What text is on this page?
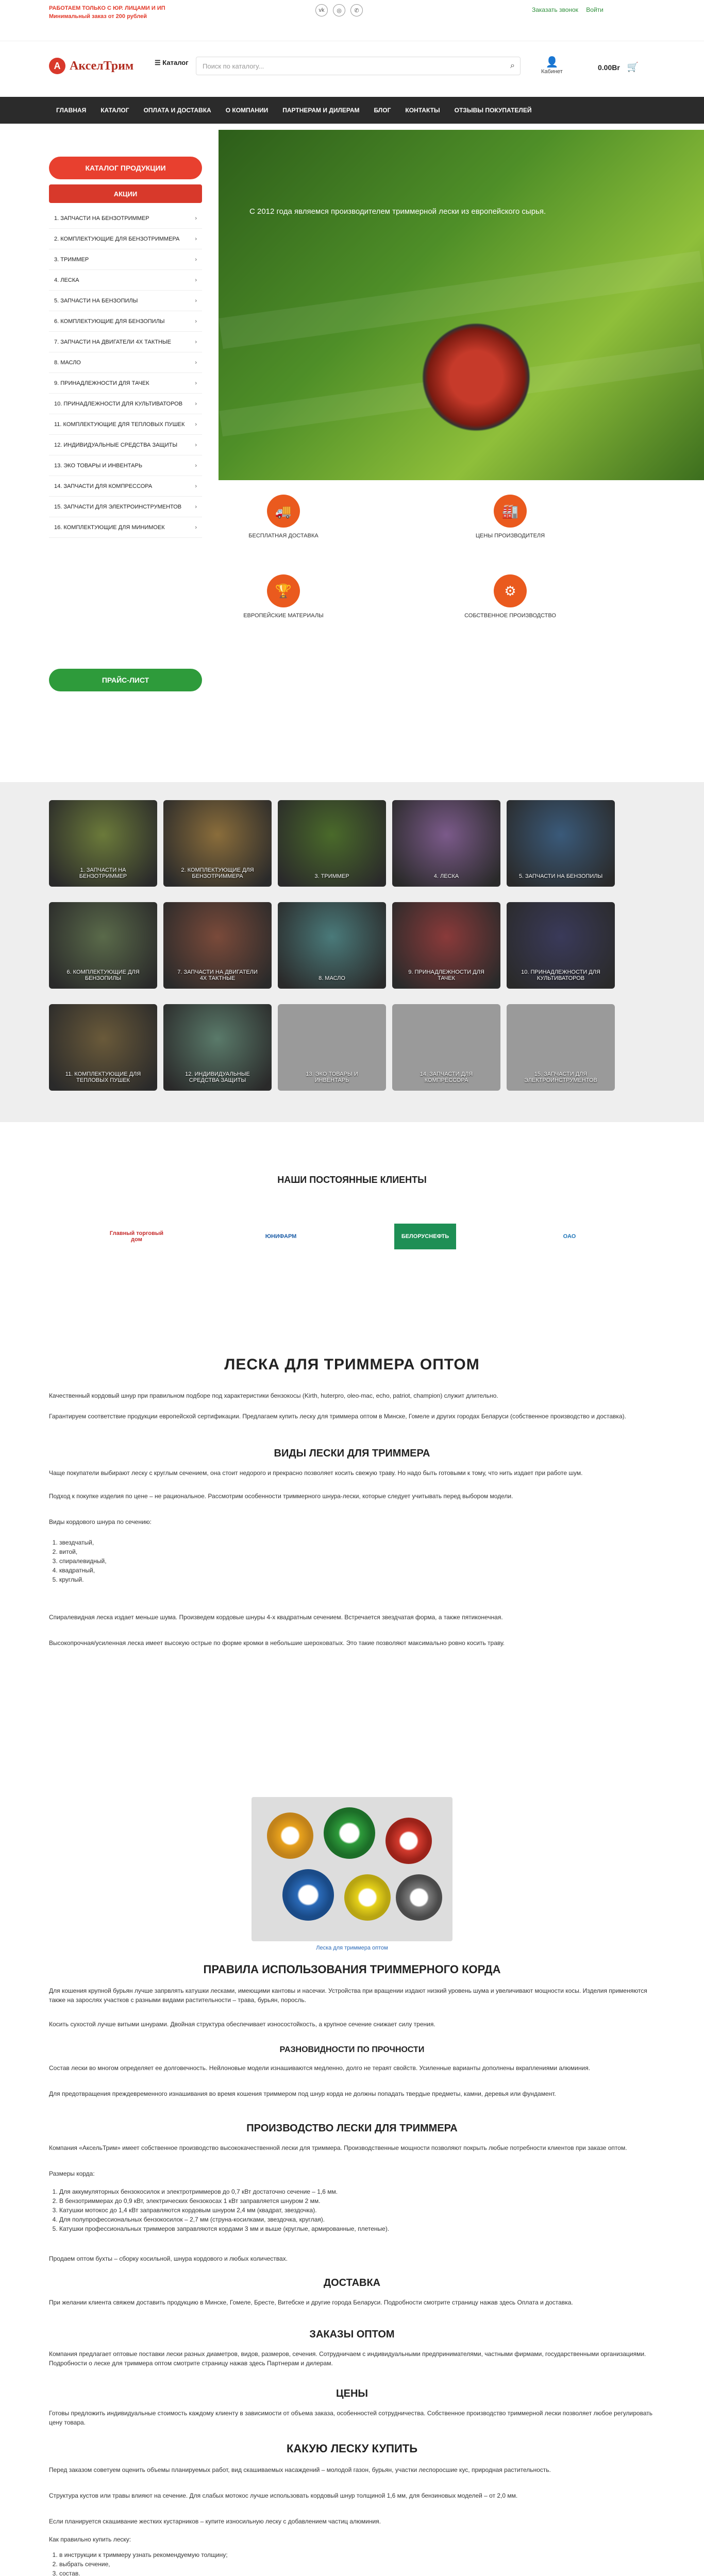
РАБОТАЕМ ТОЛЬКО С ЮР. ЛИЦАМИ И ИП
Минимальный заказ от 200 рублей
vk	◎	✆	Заказать звонок Войти
А АкселТрим	☰ Каталог Поиск по каталогу...	⌕	👤
Кабинет	0.00Br 🛒
ГЛАВНАЯ	КАТАЛОГ	ОПЛАТА И ДОСТАВКА	О КОМПАНИИ	ПАРТНЕРАМ И ДИЛЕРАМ	БЛОГ	КОНТАКТЫ	ОТЗЫВЫ ПОКУПАТЕЛЕЙ
КАТАЛОГ ПРОДУКЦИИ
АКЦИИ
1. ЗАПЧАСТИ НА БЕНЗОТРИММЕР	›
2. КОМПЛЕКТУЮЩИЕ ДЛЯ БЕНЗОТРИММЕРА	›
3. ТРИММЕР	›
4. ЛЕСКА	›
5. ЗАПЧАСТИ НА БЕНЗОПИЛЫ	›
6. КОМПЛЕКТУЮЩИЕ ДЛЯ БЕНЗОПИЛЫ	›
7. ЗАПЧАСТИ НА ДВИГАТЕЛИ 4Х ТАКТНЫЕ	›
8. МАСЛО	›
9. ПРИНАДЛЕЖНОСТИ ДЛЯ ТАЧЕК	›
10. ПРИНАДЛЕЖНОСТИ ДЛЯ КУЛЬТИВАТОРОВ ›
11. КОМПЛЕКТУЮЩИЕ ДЛЯ ТЕПЛОВЫХ ПУШЕК ›
12. ИНДИВИДУАЛЬНЫЕ СРЕДСТВА ЗАЩИТЫ	›
13. ЭКО ТОВАРЫ И ИНВЕНТАРЬ	›
14. ЗАПЧАСТИ ДЛЯ КОМПРЕССОРА	›
15. ЗАПЧАСТИ ДЛЯ ЭЛЕКТРОИНСТРУМЕНТОВ ›
16. КОМПЛЕКТУЮЩИЕ ДЛЯ МИНИМОЕК	›
ПРАЙС-ЛИСТ
С 2012 года являемся производителем триммерной лески из европейского сырья.
🚚
БЕСПЛАТНАЯ ДОСТАВКА
🏭
ЦЕНЫ ПРОИЗВОДИТЕЛЯ
🏆
ЕВРОПЕЙСКИЕ МАТЕРИАЛЫ
⚙
СОБСТВЕННОЕ ПРОИЗВОДСТВО
1. ЗАПЧАСТИ НА БЕНЗОТРИММЕР
2. КОМПЛЕКТУЮЩИЕ ДЛЯ БЕНЗОТРИММЕРА	3. ТРИММЕР	4. ЛЕСКА	5. ЗАПЧАСТИ НА БЕНЗОПИЛЫ
6. КОМПЛЕКТУЮЩИЕ ДЛЯ БЕНЗОПИЛЫ
7. ЗАПЧАСТИ НА ДВИГАТЕЛИ 4Х ТАКТНЫЕ	8. МАСЛО
9. ПРИНАДЛЕЖНОСТИ ДЛЯ ТАЧЕК
10. ПРИНАДЛЕЖНОСТИ ДЛЯ КУЛЬТИВАТОРОВ
11. КОМПЛЕКТУЮЩИЕ ДЛЯ ТЕПЛОВЫХ ПУШЕК
12. ИНДИВИДУАЛЬНЫЕ СРЕДСТВА ЗАЩИТЫ
13. ЭКО ТОВАРЫ И ИНВЕНТАРЬ
14. ЗАПЧАСТИ ДЛЯ КОМПРЕССОРА
15. ЗАПЧАСТИ ДЛЯ ЭЛЕКТРОИНСТРУМЕНТОВ
НАШИ ПОСТОЯННЫЕ КЛИЕНТЫ
Главный торговый дом	ЮНИФАРМ	БЕЛОРУСНЕФТЬ	ОАО
ЛЕСКА ДЛЯ ТРИММЕРА ОПТОМ
Качественный кордовый шнур при правильном подборе под характеристики бензокосы (Kirth, huterpro, oleo-mac, echo, patriot, champion) служит длительно.
Гарантируем соответствие продукции европейской сертификации. Предлагаем купить леску для триммера оптом в Минске, Гомеле и других городах Беларуси (собственное производство и доставка).
ВИДЫ ЛЕСКИ ДЛЯ ТРИММЕРА
Чаще покупатели выбирают леску с круглым сечением, она стоит недорого и прекрасно позволяет косить свежую траву. Но надо быть готовыми к тому, что нить издает при работе шум.
Подход к покупке изделия по цене – не рациональное. Рассмотрим особенности триммерного шнура-лески, которые следует учитывать перед выбором модели.
Виды кордового шнура по сечению:
1. звездчатый,
2. витой,
3. спиралевидный,
4. квадратный,
5. круглый.
Спиралевидная леска издает меньше шума. Произведем кордовые шнуры 4-х квадратным сечением. Встречается звездчатая форма, а также пятиконечная.
Высокопрочная/усиленная леска имеет высокую острые по форме кромки в небольшие шероховатых. Это такие позволяют максимально ровно косить траву.
Леска для триммера оптом
ПРАВИЛА ИСПОЛЬЗОВАНИЯ ТРИММЕРНОГО КОРДА
Для кошения крупной бурьян лучше запрвлять катушки лесками, имеющими кантовы и насечки. Устройства при вращении издают низкий уровень шума и увеличивают мощности косы. Изделия применяются также на зарослях участков с разными видами растительности – трава, бурьян, поросль.
Косить сухостой лучше витыми шнурами. Двойная структура обеспечивает износостойкость, а крупное сечение снижает силу трения.
РАЗНОВИДНОСТИ ПО ПРОЧНОСТИ
Состав лески во многом определяет ее долговечность. Нейлоновые модели изнашиваются медленно, долго не тераят свойств. Усиленные варианты дополнены вкраплениями алюминия.
Для предотвращения преждевременного изнашивания во время кошения триммером под шнур корда не должны попадать твердые предметы, камни, деревья или фундамент.
ПРОИЗВОДСТВО ЛЕСКИ ДЛЯ ТРИММЕРА
Компания «АксельТрим» имеет собственное производство высококачественной лески для триммера. Производственные мощности позволяют покрыть любые потребности клиентов при заказе оптом.
Размеры корда:
1. Для аккумуляторных бензокосилок и электротриммеров до 0,7 кВт достаточно сечение – 1,6 мм.
2. В бензотриммерах до 0,9 кВт, электрических бензокосах 1 кВт заправляется шнуром 2 мм.
3. Катушки мотокос до 1,4 кВт заправляются кордовым шнуром 2,4 мм (квадрат, звездочка).
4. Для полупрофессиональных бензокосилок – 2,7 мм (струна-косилками, звездочка, круглая).
5. Катушки профессиональных триммеров заправляются кордами 3 мм и выше (круглые, армированные, плетеные).
Продаем оптом бухты – сборку косильной, шнура кордового и любых количествах.
ДОСТАВКА
При желании клиента свяжем доставить продукцию в Минске, Гомеле, Бресте, Витебске и другие города Беларуси. Подробности смотрите страницу нажав здесь Оплата и доставка.
ЗАКАЗЫ ОПТОМ
Компания предлагает оптовые поставки лески разных диаметров, видов, размеров, сечения. Сотрудничаем с индивидуальными предпринимателями, частными фирмами, государственными организациями. Подробности о леске для триммера оптом смотрите страницу нажав здесь Партнерам и дилерам.
ЦЕНЫ
Готовы предложить индивидуальные стоимость каждому клиенту в зависимости от объема заказа, особенностей сотрудничества. Собственное производство триммерной лески позволяет любое регулировать цену товара.
КАКУЮ ЛЕСКУ КУПИТЬ
Перед заказом советуем оценить объемы планируемых работ, вид скашиваемых насаждений – молодой газон, бурьян, участки леспоросшие кус, природная растительность.
Структура кустов или травы влияют на сечение. Для слабых мотокос лучше использовать кордовый шнур толщиной 1,6 мм, для бензиновых моделей – от 2,0 мм.
Если планируется скашивание жестких кустарников – купите износильную леску с добавлением частиц алюминия.
Как правильно купить леску:
1. в инструкции к триммеру узнать рекомендуемую толщину;
2. выбрать сечение,
3. состав.
